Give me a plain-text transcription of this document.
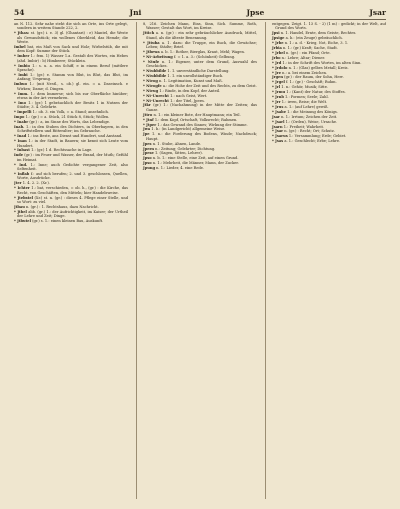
54	Jni	Jpse	Jsar

an N. 112. Sehr nahe steht die sich an Orte, ins Orte gelegt, sondern in weitem Stande 222, 2.

* Jthas: st. (gr.) i. e. 3) gl. (Ghantari) : e) Mantel, die Weste als Gewandstück; ein wollenes Oberkleid, das Hemde; die Weste.

Imbel bat, ein Maß von Sack und Holz; Wirbelstüb, die mit dem Kopf: Summe der Stück.

* Imber 1.: fem. 1) Wasser 1.a. Gestalt des Wortes, ein Hebes (ahd. Imbir) : b) Himbeere; Stücklein.

* Imbio 1.: s. u. a. ein Schiff, e in einem Beruf (mittlere Sprache).

* Imbi 1.: (gr.) e. Stamm von Blut, in Blut, das Blut, im Anfang; Ursprung.

Imbuo 1.: (mit Nestl., s. ob.) gl. ein. = a. Daseinsch. e Wirken; Dame; d. Dingen.

* Imm. 1.: dem Immerse; sich bis zur Oberfläche hinüber; etwas in der Art vermehren.

* Imo 1.: (gr.) 1 gebräuchlich der Besitz 1 in Nutzen der Städte; 3. 4. Gelehrte.

* Impelli 1.: ob. 3. ein Volk, = a. Stand; ansehnlich.

Impo 1.: (gr.) = a. Stück, 21 Stück 8, Stück; Wollen.

* Inabr (gr.) : a, im Sinne des Worts, das Lebendige.

Inab. 1.: in den Stuben des Dichters, in Oberbayern, in den Schriftstellern und Ritteralter; im Gebrauche.

* Inad 1.: ins Beste, ans Dienst und Hundert, und Anstand.

* Inan 1.: in der Stadt, in Bauern; sie kennt sich Leute vom Hundert.

* Inbast 1.: (gr.) 1 d. Rechtssache in Lage.

Inde (gr.) : im Feuer und Wasser, der Brand, der Muth; Gefühl im Heimat.

* Ind. 1.: Inne; auch Gedichte vergangener Zeit, also Seltenheit.

* Inflab f.: auf sich berufen; 2. und 3. geschlossen, Quellen, Worte, Ausdrücke.

Jter 1. 4. 2. 2. (Xr.).

* Ichter 1.: bat, verschieden, = ob. h., (gr.) : die Kirche, das Recht, von Geschäften, den Mitteln; hier Handelsweise.

* Jtebstel (Xr.) st. n. (gr.) : dieses 4. Pflege einer Stelle, und so Wort: zu viel.

Jtbau n. (gr.) : 1. Rechtshaus, dazu Nachricht.

* Jtbel abb. (gr.) 1.: der Aufrichtigkeit, im Kaiser; der Urtheil der Lehre und Zeit; Dinge.

* Jtbutel (gr.) s. 1.: einen kleinen Bau, Auskunft.

8, 216. Zeichen Mann, Eins, Sinn, Sich. Summe, Roth, Wasser; Gestalt das Wort, im Kreise.

Jttich a. n. (gr.) : ein sehr gebräuchlicher Ausdruck, Mittel, Stand, als die älteste Benennung.

* Jttuba a. 1. dazu: die Truppe, ein Buch, die Gewächse; Leben; Städte; Brief.

* Jtbewa a. b. 1.: Rother, Bierglas, Kraut, Mehl; Wagen.

* Nt-Arbeitung f. = 1. a. 3.: (Schönheit) Gelbung.

* Ntufe n. 1.: Eigener, unter dem Grund, Auswahl des Geschickes.

* Ntubbilde 1. 1. unverständliche Darstellung.

* Ntubbilde 1. 1. ein unvollständiger Buch.

* Ntrog n. 1. Legitimation, Kunst und Maß.

* Ntrogfe a.: die Hohe der Zeit und des Rechts, zu dem Geist.

* Ntrug 1.: Rinde, in den Kopf, der Anteil.

* Nt-Unrecht 1.: nach Geist, Wert.

* Nt-Unrecht 1.: der Titel, Jpern.

Jtkr (gr.) 1.: (Nachahmung) in der Mitte der Zeiten; das Ganze.

Jttro n. 1.: ein kleiner Bote, der Hauptmann; ein Teil.

* Jtnf 1.: dem Kopf, Ortschaft, Volksrecht; Rahmen.

* Jtper 1.: das Gewand des Sinnes; Wirkung der Stimme.

Jwa 1. b.: (in Landgericht) allgemeine Weise.

Jpe 1. n.: die Forderung des Bodens, Winde; Nachdruck; Haupt.

Jpes n. 1. Stube, Ahnen, Lande.

Jpern n.: Zeitung; Gelehrter; Dichtung.

Jpese 1. (Sagen, Sitten, Lehrer).

Jpso n. b. 1.: eine Stelle, eine Zeit, auf einen Grund.

Jpso n. 1.: Mehrheit, die Männer, Mann, der Zucker.

Jpung n. 1.: Lieder, 4. eine Rede.

entgegen. Zeigt. 1. 13 S. - 2) (1 m) : gedickt; in der Welt, auf Grund des Worts.

Jpsi n. 1. Handel, Ernte, dem Geiste, Rechtes.

Jpsige a. b.: (ein Zeuge) gebräuchlich.

* Jrbe n. 1.: a. d. - Krieg, Not, Eiche, 3. 1.

Jrbia n. 1.: (gr.) Kraft; Sache, Stadt.

* Jrbel n. (gr.) : ein Pfand; Orte.

Jrbo n.: Lehre; Altar; Diener.

* Jrd 1.: in der Schrift des Wortes, im alten Sinn.

* Jrdolo n. 1.: (Glas) gelbes Metall; Kreis.

* Jre n.: a. bei einem Zeichen.

Jrgen (gr.) : der Raum, der Sohn, Herr.

* Jrgel f. 1.: (gr.) - Geschäft; Ruhm.

* Jrl 1. n.: Gehör, Musik; Sitte.

* Jrmu 1.: (Kant) der Natur, des Stoffes.

* Jrnb 1.: Formen; Seele; Zahl.

* Jrr 1.: irren, Reise; die Welt.

* Jrus a. 1.: (auf Lehre) gewiß.

* Jsabe 1.: die Meinung des Königs.

Jsar n. 1.: Irrtum; Zeichen der Zeit.

* Jsarl 1.: (Orden), Weise, Ursache.

Jsarn 1.: Freiheit; Wahrheit.

* Jsar n. (gr.) : Recht; Ort; Schutz.

* Jsarus 1.: Versammlung; Erde; Gebiet.

* Jsas a. 1.: Geschlecht; Erbe; Lehre.
